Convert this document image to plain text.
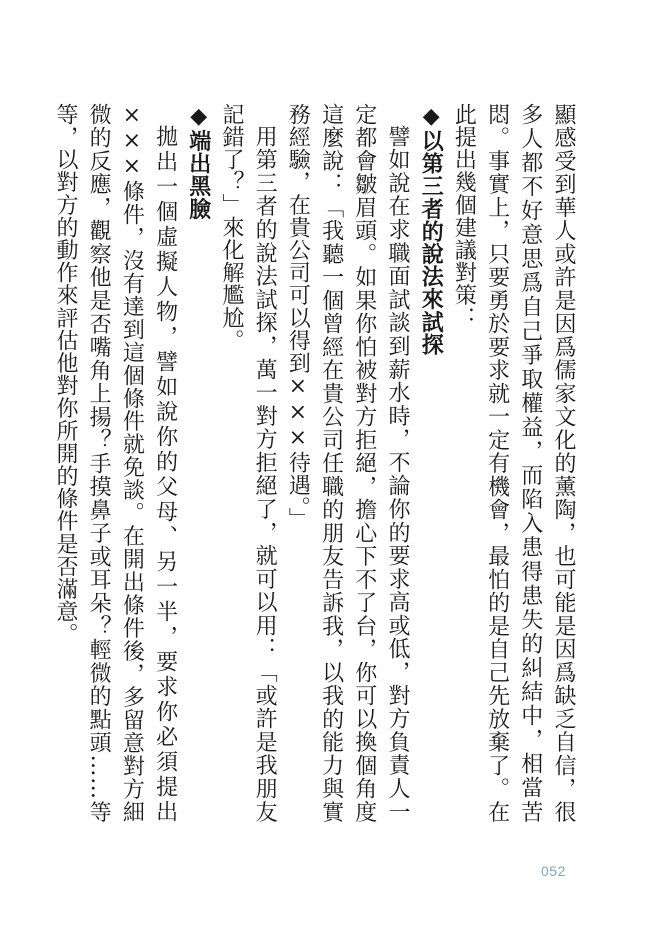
顯感受到華人或許是因爲儒家文化的薰陶，也可能是因爲缺乏自信，很多人都不好意思爲自己爭取權益，而陷入患得患失的糾結中，相當苦悶。事實上，只要勇於要求就一定有機會，最怕的是自己先放棄了。在此提出幾個建議對策：

◆以第三者的說法來試探

譬如說在求職面試談到薪水時，不論你的要求高或低，對方負責人一定都會皺眉頭。如果你怕被對方拒絕，擔心下不了台，你可以換個角度這麼說：「我聽一個曾經在貴公司任職的朋友告訴我，以我的能力與實務經驗，在貴公司可以得到×××待遇。」

用第三者的說法試探，萬一對方拒絕了，就可以用：「或許是我朋友記錯了？」來化解尷尬。

◆端出黑臉

拋出一個虛擬人物，譬如說你的父母、另一半，要求你必須提出×××條件，沒有達到這個條件就免談。在開出條件後，多留意對方細微的反應，觀察他是否嘴角上揚？手摸鼻子或耳朵？輕微的點頭……等等，以對方的動作來評估他對你所開的條件是否滿意。

052
